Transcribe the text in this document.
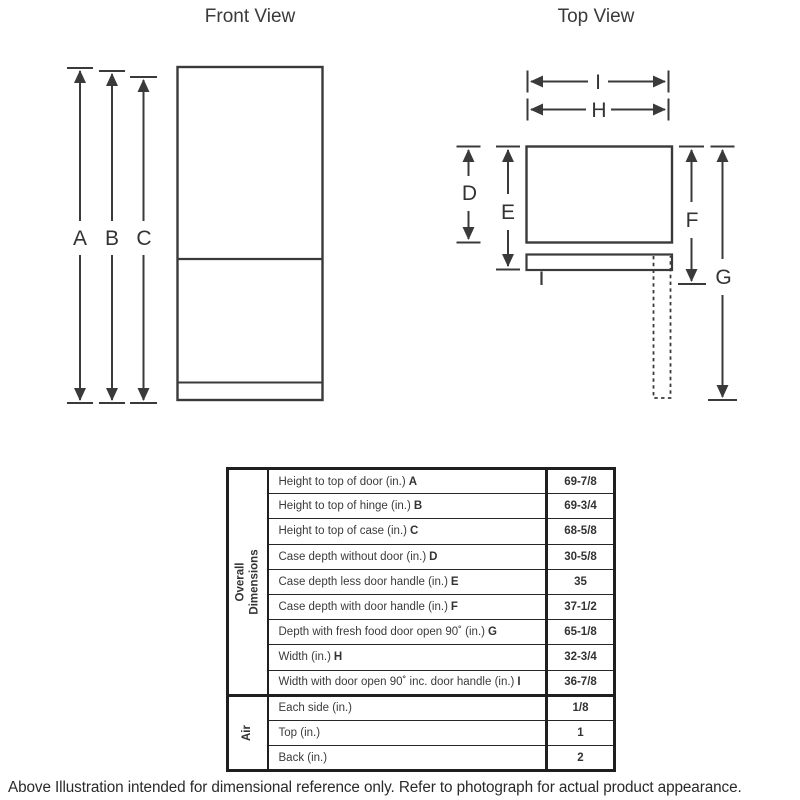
Front View	Top View
A B C
D
E	F
G
I
H
Overall Dimensions	Height to top of door (in.) A	69-7/8
	Height to top of hinge (in.) B	69-3/4
	Height to top of case (in.) C	68-5/8
	Case depth without door (in.) D	30-5/8
	Case depth less door handle (in.) E	35
	Case depth with door handle (in.) F	37-1/2
	Depth with fresh food door open 90˚ (in.) G	65-1/8
	Width (in.) H	32-3/4
	Width with door open 90˚ inc. door handle (in.) I	36-7/8

Air	Each side (in.)	1/8
	Top (in.)	1
	Back (in.)	2
Above Illustration intended for dimensional reference only. Refer to photograph for actual product appearance.
